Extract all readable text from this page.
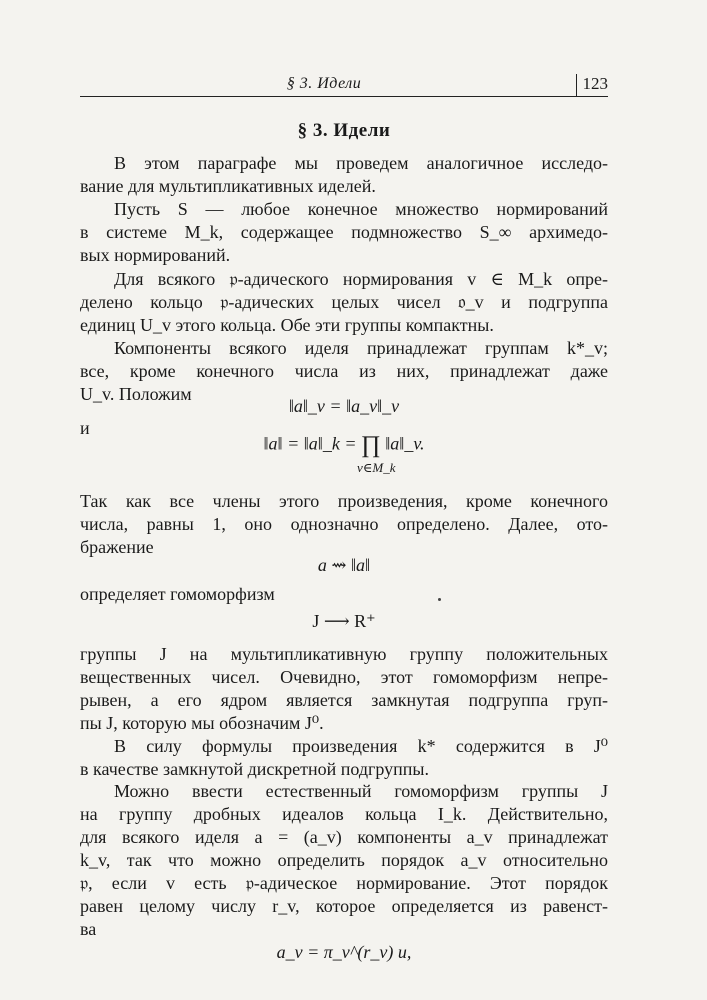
§ 3. Идели	123
§ 3. Идели
В этом параграфе мы проведем аналогичное исследо-
вание для мультипликативных иделей.
Пусть S — любое конечное множество нормирований
в системе M_k, содержащее подмножество S_∞ архимедо-
вых нормирований.
Для всякого 𝔭-адического нормирования v ∈ M_k опре-
делено кольцо 𝔭-адических целых чисел 𝔬_v и подгруппа
единиц U_v этого кольца. Обе эти группы компактны.
Компоненты всякого иделя принадлежат группам k*_v;
все, кроме конечного числа из них, принадлежат даже
U_v. Положим
‖a‖_v = ‖a_v‖_v
и
‖a‖ = ‖a‖_k = ∏
v∈M_k
‖a‖_v.
Так как все члены этого произведения, кроме конечного
числа, равны 1, оно однозначно определено. Далее, ото-
бражение
a ⇝ ‖a‖
определяет гомоморфизм
J ⟶ R⁺
группы J на мультипликативную группу положительных
вещественных чисел. Очевидно, этот гомоморфизм непре-
рывен, а его ядром является замкнутая подгруппа груп-
пы J, которую мы обозначим J⁰.
В силу формулы произведения k* содержится в J⁰
в качестве замкнутой дискретной подгруппы.
Можно ввести естественный гомоморфизм группы J
на группу дробных идеалов кольца I_k. Действительно,
для всякого иделя a = (a_v) компоненты a_v принадлежат
k_v, так что можно определить порядок a_v относительно
𝔭, если v есть 𝔭-адическое нормирование. Этот порядок
равен целому числу r_v, которое определяется из равенст-
ва
a_v = π_v^(r_v) u,
